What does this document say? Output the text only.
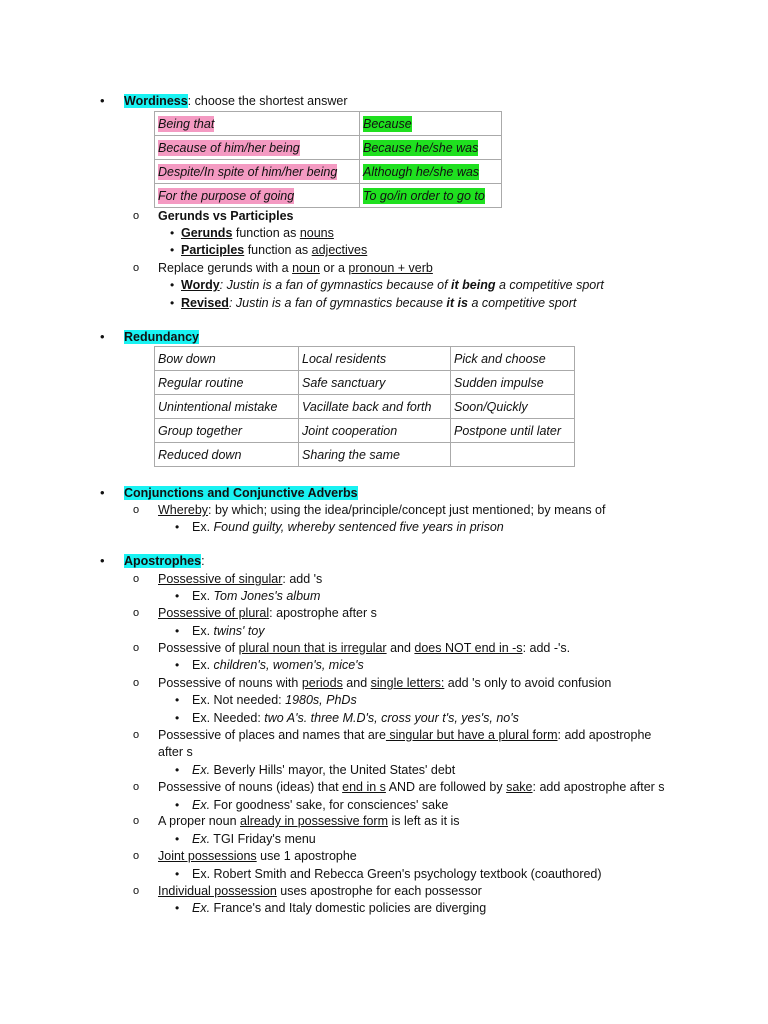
• Wordiness: choose the shortest answer
Being that	Because
Because of him/her being	Because he/she was
Despite/In spite of him/her being	Although he/she was
For the purpose of going	To go/in order to go to
o Gerunds vs Participles
• Gerunds function as nouns
• Participles function as adjectives
o Replace gerunds with a noun or a pronoun + verb
• Wordy: Justin is a fan of gymnastics because of it being a competitive sport
• Revised: Justin is a fan of gymnastics because it is a competitive sport
• Redundancy
Bow down	Local residents	Pick and choose
Regular routine	Safe sanctuary	Sudden impulse
Unintentional mistake	Vacillate back and forth	Soon/Quickly
Group together	Joint cooperation	Postpone until later
Reduced down	Sharing the same	
• Conjunctions and Conjunctive Adverbs
o Whereby: by which; using the idea/principle/concept just mentioned; by means of
• Ex. Found guilty, whereby sentenced five years in prison
• Apostrophes:
o Possessive of singular: add 's
• Ex. Tom Jones's album
o Possessive of plural: apostrophe after s
• Ex. twins' toy
o Possessive of plural noun that is irregular and does NOT end in -s: add -'s.
• Ex. children's, women's, mice's
o Possessive of nouns with periods and single letters: add 's only to avoid confusion
• Ex. Not needed: 1980s, PhDs
• Ex. Needed: two A's. three M.D's, cross your t's, yes's, no's
o Possessive of places and names that are singular but have a plural form: add apostrophe
after s
• Ex. Beverly Hills' mayor, the United States' debt
o Possessive of nouns (ideas) that end in s AND are followed by sake: add apostrophe after s
• Ex. For goodness' sake, for consciences' sake
o A proper noun already in possessive form is left as it is
• Ex. TGI Friday's menu
o Joint possessions use 1 apostrophe
• Ex. Robert Smith and Rebecca Green's psychology textbook (coauthored)
o Individual possession uses apostrophe for each possessor
• Ex. France's and Italy domestic policies are diverging
